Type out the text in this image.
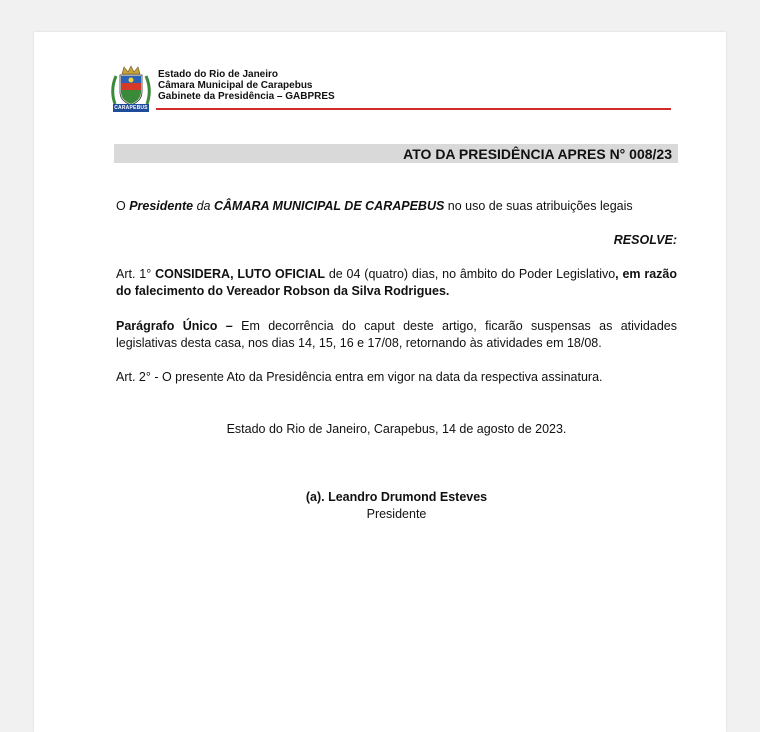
CARAPEBUS
Estado do Rio de Janeiro
Câmara Municipal de Carapebus
Gabinete da Presidência – GABPRES
ATO DA PRESIDÊNCIA APRES N° 008/23
O Presidente da CÂMARA MUNICIPAL DE CARAPEBUS no uso de suas atribuições legais
RESOLVE:
Art. 1° CONSIDERA, LUTO OFICIAL de 04 (quatro) dias, no âmbito do Poder Legislativo, em razão do falecimento do Vereador Robson da Silva Rodrigues.
Parágrafo Único – Em decorrência do caput deste artigo, ficarão suspensas as atividades legislativas desta casa, nos dias 14, 15, 16 e 17/08, retornando às atividades em 18/08.
Art. 2° - O presente Ato da Presidência entra em vigor na data da respectiva assinatura.
Estado do Rio de Janeiro, Carapebus, 14 de agosto de 2023.
(a). Leandro Drumond Esteves
Presidente
